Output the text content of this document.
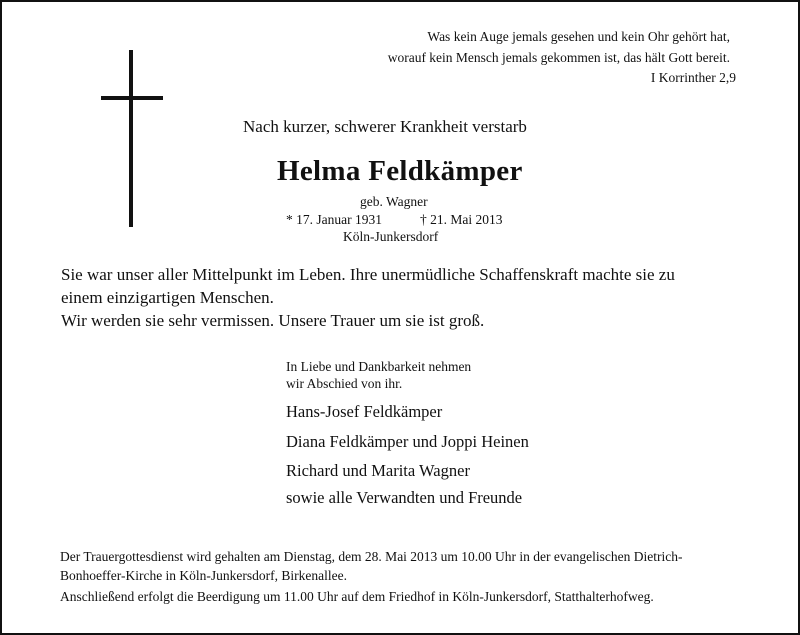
Was kein Auge jemals gesehen und kein Ohr gehört hat,
worauf kein Mensch jemals gekommen ist, das hält Gott bereit.
I Korrinther 2,9
Nach kurzer, schwerer Krankheit verstarb
Helma Feldkämper
geb. Wagner
* 17. Januar 1931	† 21. Mai 2013
Köln-Junkersdorf
Sie war unser aller Mittelpunkt im Leben. Ihre unermüdliche Schaffenskraft machte sie zu
einem einzigartigen Menschen.
Wir werden sie sehr vermissen. Unsere Trauer um sie ist groß.
In Liebe und Dankbarkeit nehmen
wir Abschied von ihr.
Hans-Josef Feldkämper
Diana Feldkämper und Joppi Heinen
Richard und Marita Wagner
sowie alle Verwandten und Freunde
Der Trauergottesdienst wird gehalten am Dienstag, dem 28. Mai 2013 um 10.00 Uhr in der evangelischen Dietrich-
Bonhoeffer-Kirche in Köln-Junkersdorf, Birkenallee.
Anschließend erfolgt die Beerdigung um 11.00 Uhr auf dem Friedhof in Köln-Junkersdorf, Statthalterhofweg.
